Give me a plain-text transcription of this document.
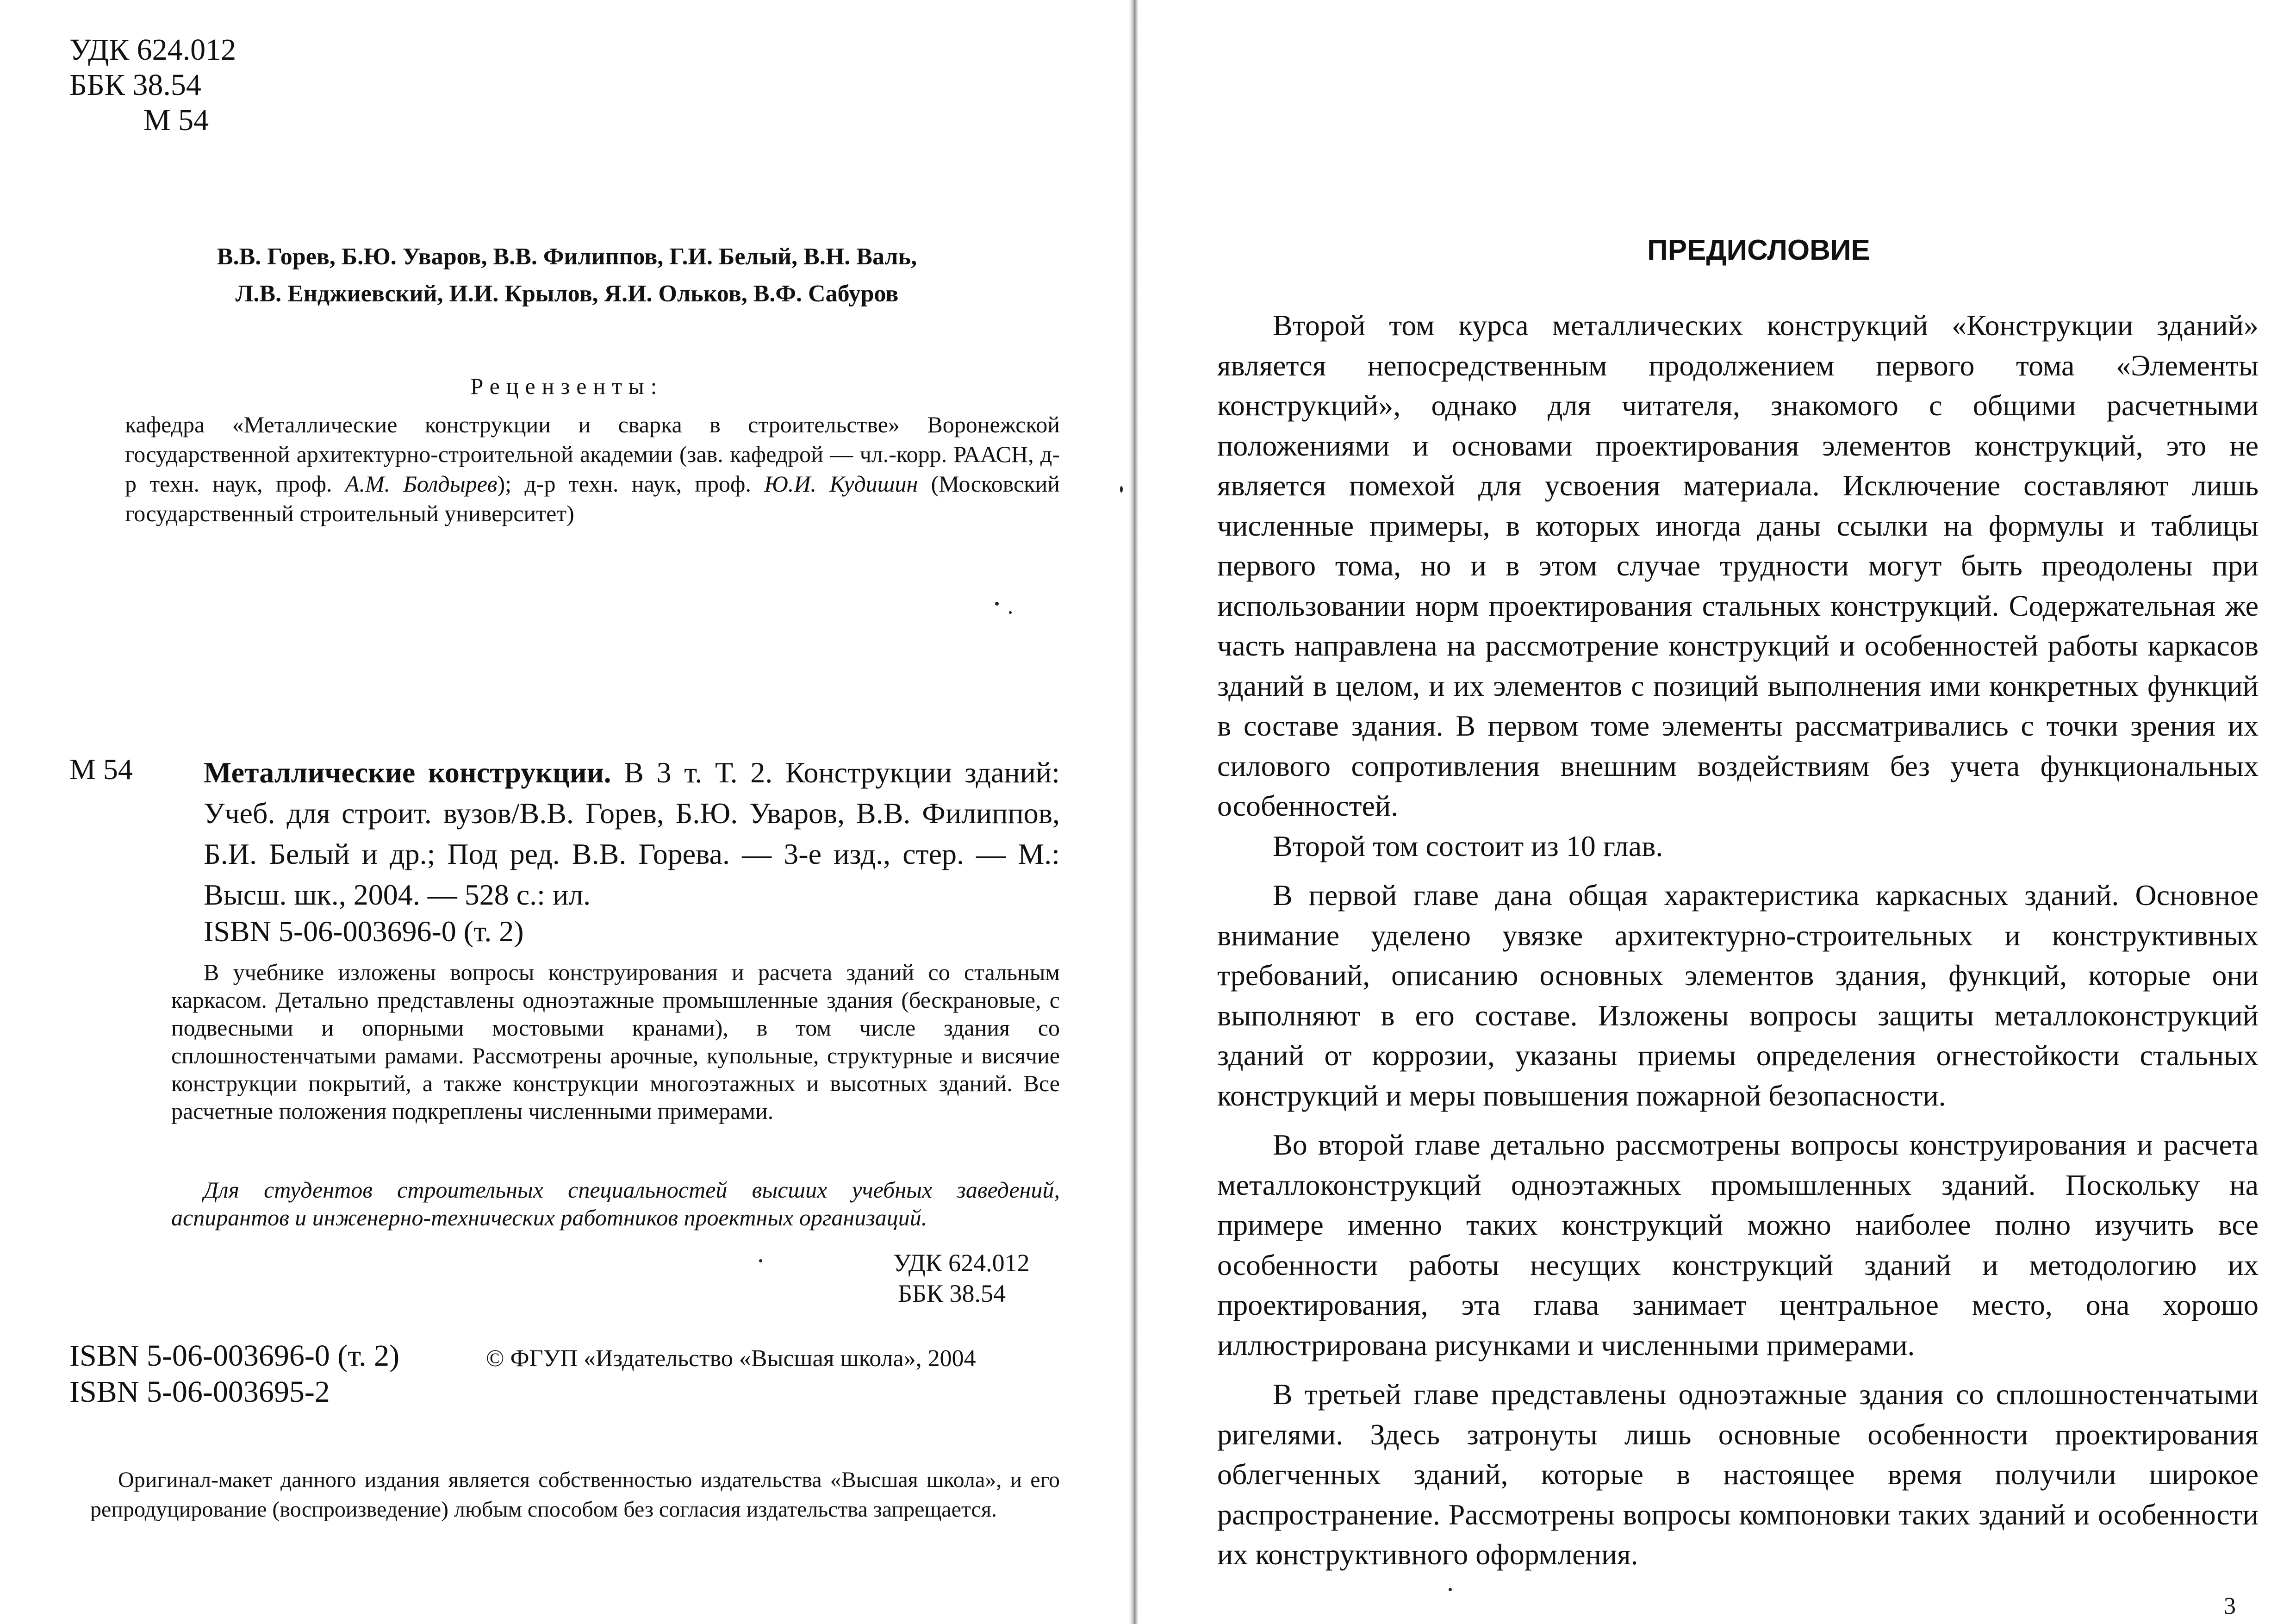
УДК 624.012
ББК 38.54
М 54
В.В. Горев, Б.Ю. Уваров, В.В. Филиппов, Г.И. Белый, В.Н. Валь,
Л.В. Енджиевский, И.И. Крылов, Я.И. Ольков, В.Ф. Сабуров
Рецензенты:
кафедра «Металлические конструкции и сварка в строительстве» Воронежской государственной архитектурно-строительной академии (зав. кафедрой — чл.-корр. РААСН, д-р техн. наук, проф. А.М. Болдырев); д-р техн. наук, проф. Ю.И. Кудишин (Московский государственный строительный университет)
М 54 Металлические конструкции. В 3 т. Т. 2. Конструкции зданий: Учеб. для строит. вузов/В.В. Горев, Б.Ю. Уваров, В.В. Филиппов, Б.И. Белый и др.; Под ред. В.В. Горева. — 3-е изд., стер. — М.: Высш. шк., 2004. — 528 с.: ил.
ISBN 5-06-003696-0 (т. 2)
В учебнике изложены вопросы конструирования и расчета зданий со стальным каркасом. Детально представлены одноэтажные промышленные здания (бескрановые, с подвесными и опорными мостовыми кранами), в том числе здания со сплошностенчатыми рамами. Рассмотрены арочные, купольные, структурные и висячие конструкции покрытий, а также конструкции многоэтажных и высотных зданий. Все расчетные положения подкреплены численными примерами.
Для студентов строительных специальностей высших учебных заведений, аспирантов и инженерно-технических работников проектных организаций.
УДК 624.012
ББК 38.54
ISBN 5-06-003696-0 (т. 2)
ISBN 5-06-003695-2
© ФГУП «Издательство «Высшая школа», 2004
Оригинал-макет данного издания является собственностью издательства «Высшая школа», и его репродуцирование (воспроизведение) любым способом без согласия издательства запрещается.
ПРЕДИСЛОВИЕ

Второй том курса металлических конструкций «Конструкции зданий» является непосредственным продолжением первого тома «Элементы конструкций», однако для читателя, знакомого с общими расчетными положениями и основами проектирования элементов конструкций, это не является помехой для усвоения материала. Исключение составляют лишь численные примеры, в которых иногда даны ссылки на формулы и таблицы первого тома, но и в этом случае трудности могут быть преодолены при использовании норм проектирования стальных конструкций. Содержательная же часть направлена на рассмотрение конструкций и особенностей работы каркасов зданий в целом, и их элементов с позиций выполнения ими конкретных функций в составе здания. В первом томе элементы рассматривались с точки зрения их силового сопротивления внешним воздействиям без учета функциональных особенностей.

Второй том состоит из 10 глав.

В первой главе дана общая характеристика каркасных зданий. Основное внимание уделено увязке архитектурно-строительных и конструктивных требований, описанию основных элементов здания, функций, которые они выполняют в его составе. Изложены вопросы защиты металлоконструкций зданий от коррозии, указаны приемы определения огнестойкости стальных конструкций и меры повышения пожарной безопасности.

Во второй главе детально рассмотрены вопросы конструирования и расчета металлоконструкций одноэтажных промышленных зданий. Поскольку на примере именно таких конструкций можно наиболее полно изучить все особенности работы несущих конструкций зданий и методологию их проектирования, эта глава занимает центральное место, она хорошо иллюстрирована рисунками и численными примерами.

В третьей главе представлены одноэтажные здания со сплошностенчатыми ригелями. Здесь затронуты лишь основные особенности проектирования облегченных зданий, которые в настоящее время получили широкое распространение. Рассмотрены вопросы компоновки таких зданий и особенности их конструктивного оформления.

3
